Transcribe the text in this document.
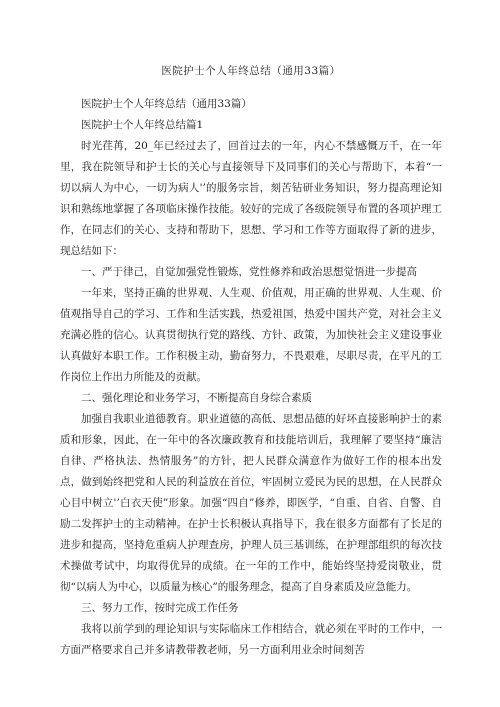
医院护士个人年终总结（通用33篇）

医院护士个人年终总结（通用33篇）

医院护士个人年终总结篇1

时光荏苒，20_年已经过去了，回首过去的一年，内心不禁感慨万千，在一年里，我在院领导和护士长的关心与直接领导下及同事们的关心与帮助下，本着“一切以病人为中心，一切为病人'’的服务宗旨，刻苦钻研业务知识，努力提高理论知识和熟练地掌握了各项临床操作技能。较好的完成了各级院领导布置的各项护理工作，在同志们的关心、支持和帮助下，思想、学习和工作等方面取得了新的进步，现总结如下：

一、严于律己，自觉加强党性锻炼，党性修养和政治思想觉悟进一步提高

一年来，坚持正确的世界观、人生观、价值观，用正确的世界观、人生观、价值观指导自己的学习、工作和生活实践，热爱祖国，热爱中国共产党，对社会主义充满必胜的信心。认真贯彻执行党的路线、方针、政策，为加快社会主义建设事业认真做好本职工作。工作积极主动，勤奋努力，不畏艰难，尽职尽责，在平凡的工作岗位上作出力所能及的贡献。

二、强化理论和业务学习，不断提高自身综合素质

加强自我职业道德教育。职业道德的高低、思想品德的好坏直接影响护士的素质和形象，因此，在一年中的各次廉政教育和技能培训后，我理解了要坚持“廉洁自律、严格执法、热情服务”的方针，把人民群众满意作为做好工作的根本出发点，做到始终把党和人民的利益放在首位，牢固树立爱民为民的思想，在人民群众心目中树立'’白衣天使”形象。加强“四自”修养，即医学，“自重、自省、自警、自励二发挥护士的主动精神。在护士长积极认真指导下，我在很多方面都有了长足的进步和提高，坚持危重病人护理查房，护理人员三基训练，在护理部组织的每次技术操做考试中，均取得优异的成绩。在一年的工作中，能始终坚持爱岗敬业，贯彻“以病人为中心，以质量为核心”的服务理念，提高了自身素质及应急能力。

三、努力工作，按时完成工作任务

我将以前学到的理论知识与实际临床工作相结合，就必须在平时的工作中，一方面严格要求自己并多请教带教老师，另一方面利用业余时间刻苦
